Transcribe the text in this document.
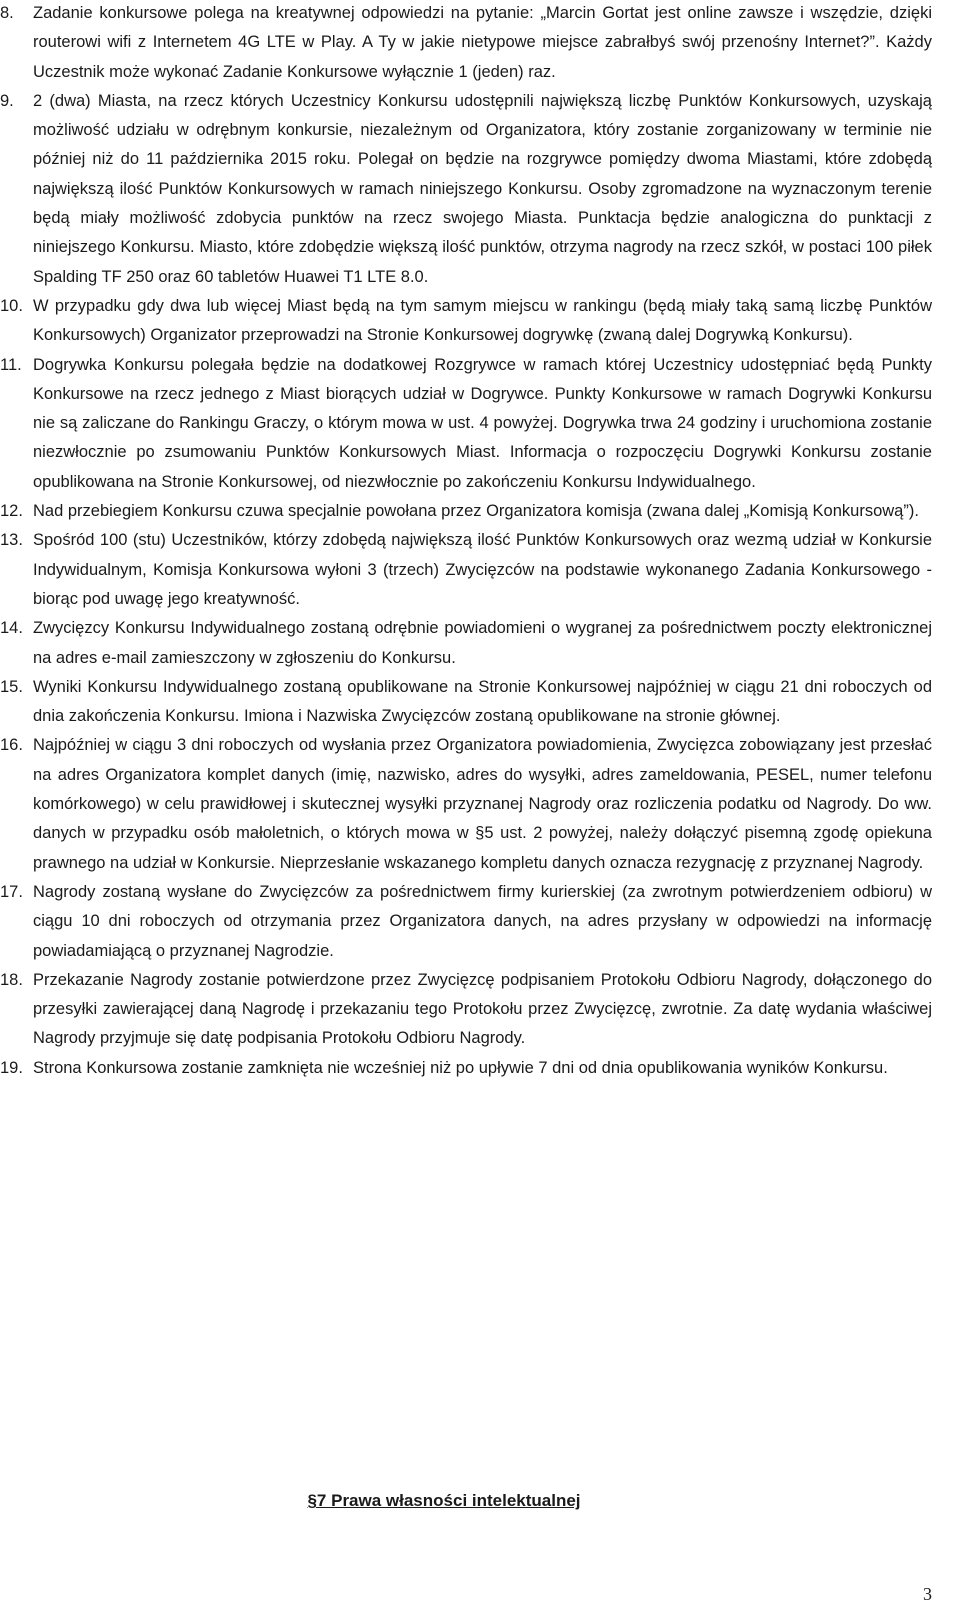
8. Zadanie konkursowe polega na kreatywnej odpowiedzi na pytanie: „Marcin Gortat jest online zawsze i wszędzie, dzięki routerowi wifi z Internetem 4G LTE w Play. A Ty w jakie nietypowe miejsce zabrałbyś swój przenośny Internet?”. Każdy Uczestnik może wykonać Zadanie Konkursowe wyłącznie 1 (jeden) raz.
9. 2 (dwa) Miasta, na rzecz których Uczestnicy Konkursu udostępnili największą liczbę Punktów Konkursowych, uzyskają możliwość udziału w odrębnym konkursie, niezależnym od Organizatora, który zostanie zorganizowany w terminie nie później niż do 11 października 2015 roku. Polegał on będzie na rozgrywce pomiędzy dwoma Miastami, które zdobędą największą ilość Punktów Konkursowych w ramach niniejszego Konkursu. Osoby zgromadzone na wyznaczonym terenie będą miały możliwość zdobycia punktów na rzecz swojego Miasta. Punktacja będzie analogiczna do punktacji z niniejszego Konkursu. Miasto, które zdobędzie większą ilość punktów, otrzyma nagrody na rzecz szkół, w postaci 100 piłek Spalding TF 250 oraz 60 tabletów Huawei T1 LTE 8.0.
10. W przypadku gdy dwa lub więcej Miast będą na tym samym miejscu w rankingu (będą miały taką samą liczbę Punktów Konkursowych) Organizator przeprowadzi na Stronie Konkursowej dogrywkę (zwaną dalej Dogrywką Konkursu).
11. Dogrywka Konkursu polegała będzie na dodatkowej Rozgrywce w ramach której Uczestnicy udostępniać będą Punkty Konkursowe na rzecz jednego z Miast biorących udział w Dogrywce. Punkty Konkursowe w ramach Dogrywki Konkursu nie są zaliczane do Rankingu Graczy, o którym mowa w ust. 4 powyżej. Dogrywka trwa 24 godziny i uruchomiona zostanie niezwłocznie po zsumowaniu Punktów Konkursowych Miast. Informacja o rozpoczęciu Dogrywki Konkursu zostanie opublikowana na Stronie Konkursowej, od niezwłocznie po zakończeniu Konkursu Indywidualnego.
12. Nad przebiegiem Konkursu czuwa specjalnie powołana przez Organizatora komisja (zwana dalej „Komisją Konkursową”).
13. Spośród 100 (stu) Uczestników, którzy zdobędą największą ilość Punktów Konkursowych oraz wezmą udział w Konkursie Indywidualnym, Komisja Konkursowa wyłoni 3 (trzech) Zwycięzców na podstawie wykonanego Zadania Konkursowego - biorąc pod uwagę jego kreatywność.
14. Zwycięzcy Konkursu Indywidualnego zostaną odrębnie powiadomieni o wygranej za pośrednictwem poczty elektronicznej na adres e-mail zamieszczony w zgłoszeniu do Konkursu.
15. Wyniki Konkursu Indywidualnego zostaną opublikowane na Stronie Konkursowej najpóźniej w ciągu 21 dni roboczych od dnia zakończenia Konkursu. Imiona i Nazwiska Zwycięzców zostaną opublikowane na stronie głównej.
16. Najpóźniej w ciągu 3 dni roboczych od wysłania przez Organizatora powiadomienia, Zwycięzca zobowiązany jest przesłać na adres Organizatora komplet danych (imię, nazwisko, adres do wysyłki, adres zameldowania, PESEL, numer telefonu komórkowego) w celu prawidłowej i skutecznej wysyłki przyznanej Nagrody oraz rozliczenia podatku od Nagrody. Do ww. danych w przypadku osób małoletnich, o których mowa w §5 ust. 2 powyżej, należy dołączyć pisemną zgodę opiekuna prawnego na udział w Konkursie. Nieprzesłanie wskazanego kompletu danych oznacza rezygnację z przyznanej Nagrody.
17. Nagrody zostaną wysłane do Zwycięzców za pośrednictwem firmy kurierskiej (za zwrotnym potwierdzeniem odbioru) w ciągu 10 dni roboczych od otrzymania przez Organizatora danych, na adres przysłany w odpowiedzi na informację powiadamiającą o przyznanej Nagrodzie.
18. Przekazanie Nagrody zostanie potwierdzone przez Zwycięzcę podpisaniem Protokołu Odbioru Nagrody, dołączonego do przesyłki zawierającej daną Nagrodę i przekazaniu tego Protokołu przez Zwycięzcę, zwrotnie. Za datę wydania właściwej Nagrody przyjmuje się datę podpisania Protokołu Odbioru Nagrody.
19. Strona Konkursowa zostanie zamknięta nie wcześniej niż po upływie 7 dni od dnia opublikowania wyników Konkursu.
§7 Prawa własności intelektualnej
3
